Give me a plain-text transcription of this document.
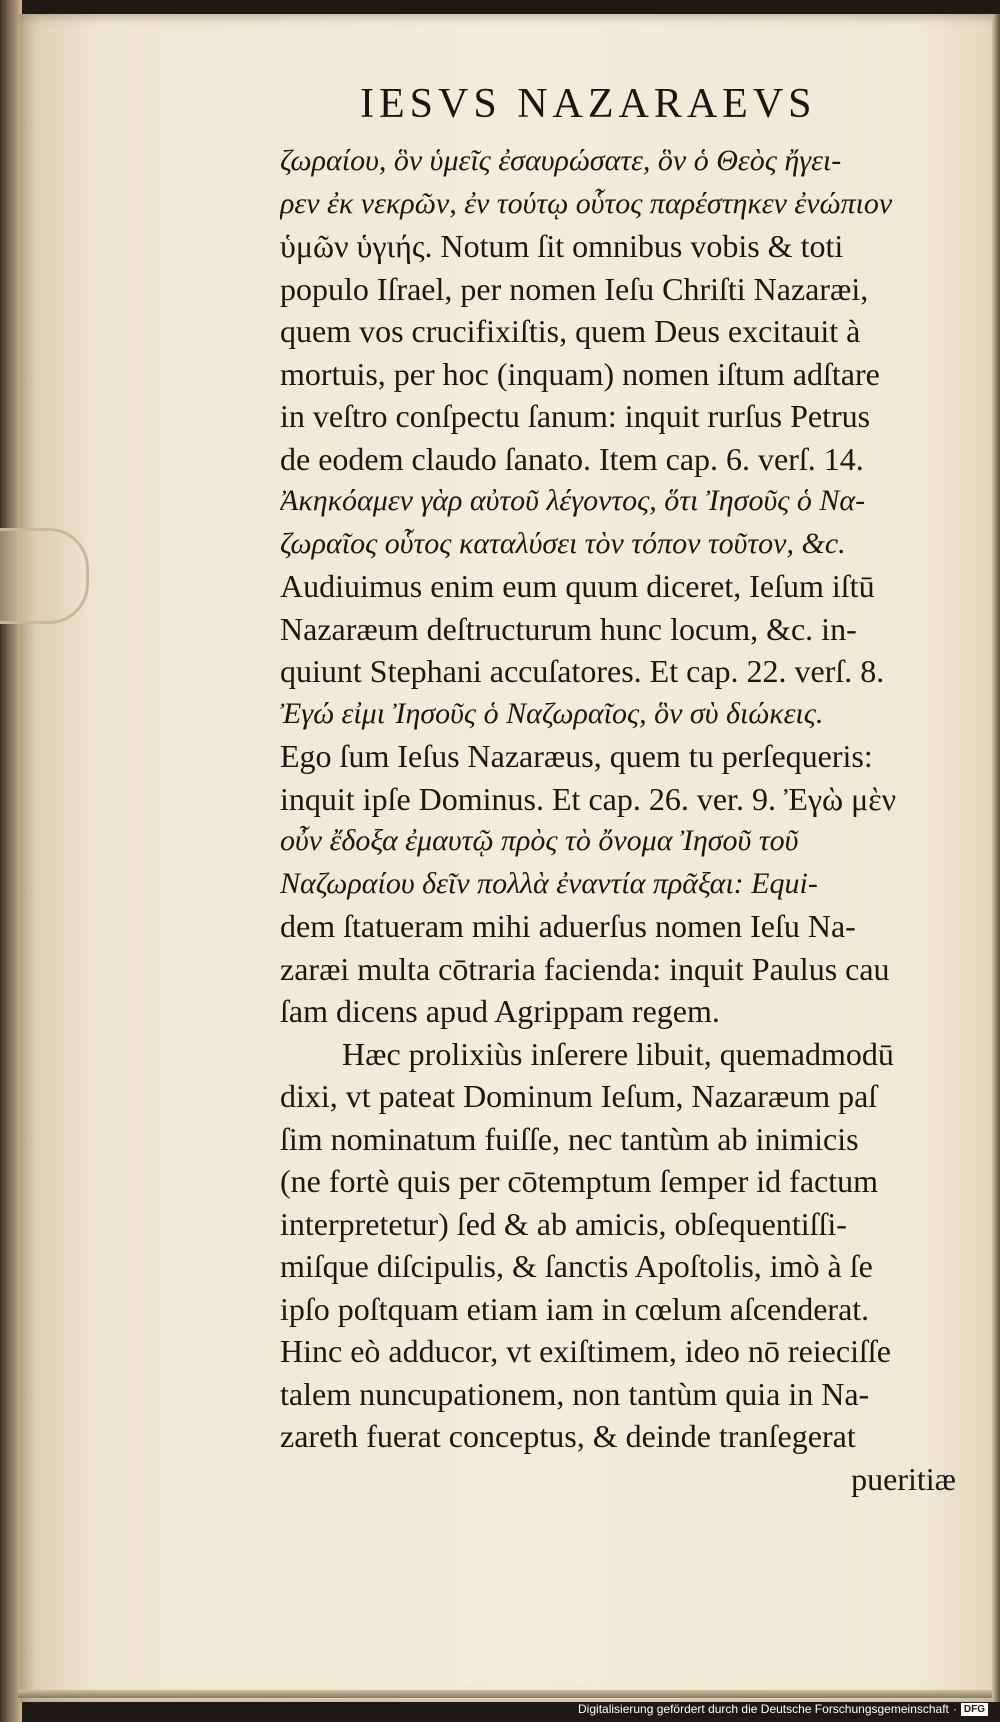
IESVS NAZARAEVS
ζωραίου, ὃν ὑμεῖς ἐσαυρώσατε, ὃν ὁ Θεὸς ἤγει-
ρεν ἐκ νεκρῶν, ἐν τούτῳ οὗτος παρέστηκεν ἐνώπιον
ὑμῶν ὑγιής. Notum ſit omnibus vobis & toti
populo Iſrael, per nomen Ieſu Chriſti Nazaræi,
quem vos crucifixiſtis, quem Deus excitauit à
mortuis, per hoc (inquam) nomen iſtum adſtare
in veſtro conſpectu ſanum: inquit rurſus Petrus
de eodem claudo ſanato. Item cap. 6. verſ. 14.
Ἀκηκόαμεν γὰρ αὐτοῦ λέγοντος, ὅτι Ἰησοῦς ὁ Να-
ζωραῖος οὗτος καταλύσει τὸν τόπον τοῦτον, &c.
Audiuimus enim eum quum diceret, Ieſum iſtū
Nazaræum deſtructurum hunc locum, &c. in-
quiunt Stephani accuſatores. Et cap. 22. verſ. 8.
Ἐγώ εἰμι Ἰησοῦς ὁ Ναζωραῖος, ὃν σὺ διώκεις.
Ego ſum Ieſus Nazaræus, quem tu perſequeris:
inquit ipſe Dominus. Et cap. 26. ver. 9. Ἐγὼ μὲν
οὖν ἔδοξα ἐμαυτῷ πρὸς τὸ ὄνομα Ἰησοῦ τοῦ
Ναζωραίου δεῖν πολλὰ ἐναντία πρᾶξαι: Equi-
dem ſtatueram mihi aduerſus nomen Ieſu Na-
zaræi multa cōtraria facienda: inquit Paulus cau
ſam dicens apud Agrippam regem.
Hæc prolixiùs inſerere libuit, quemadmodū
dixi, vt pateat Dominum Ieſum, Nazaræum paſ
ſim nominatum fuiſſe, nec tantùm ab inimicis
(ne fortè quis per cōtemptum ſemper id factum
interpretetur) ſed & ab amicis, obſequentiſſi-
miſque diſcipulis, & ſanctis Apoſtolis, imò à ſe
ipſo poſtquam etiam iam in cœlum aſcenderat.
Hinc eò adducor, vt exiſtimem, ideo nō reieciſſe
talem nuncupationem, non tantùm quia in Na-
zareth fuerat conceptus, & deinde tranſegerat
pueritiæ
Digitalisierung gefördert durch die Deutsche Forschungsgemeinschaft · DFG
